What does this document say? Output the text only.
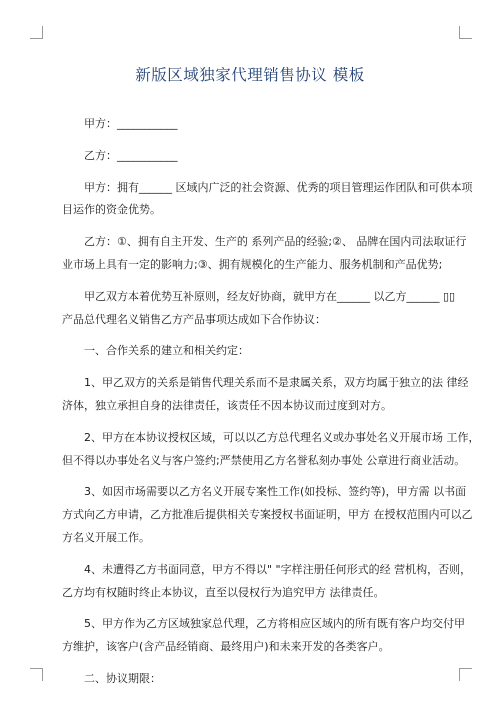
新版区域独家代理销售协议 模板
甲方：___________
乙方：___________
甲方：拥有______ 区域内广泛的社会资源、优秀的项目管理运作团队和可供本项
目运作的资金优势。
乙方：①、拥有自主开发、生产的 系列产品的经验;②、 品牌在国内司法取证行
业市场上具有一定的影响力;③、拥有规模化的生产能力、服务机制和产品优势;
甲乙双方本着优势互补原则，经友好协商，就甲方在______ 以乙方______ ▯▯
产品总代理名义销售乙方产品事项达成如下合作协议：
一、合作关系的建立和相关约定：
1、甲乙双方的关系是销售代理关系而不是隶属关系，双方均属于独立的法 律经
济体，独立承担自身的法律责任，该责任不因本协议而过度到对方。
2、甲方在本协议授权区域，可以以乙方总代理名义或办事处名义开展市场 工作，
但不得以办事处名义与客户签约;严禁使用乙方名誉私刻办事处 公章进行商业活动。
3、如因市场需要以乙方名义开展专案性工作(如投标、签约等)，甲方需 以书面
方式向乙方申请，乙方批准后提供相关专案授权书面证明，甲方 在授权范围内可以乙
方名义开展工作。
4、未遭得乙方书面同意，甲方不得以" "字样注册任何形式的经 营机构，否则，
乙方均有权随时终止本协议，直至以侵权行为追究甲方 法律责任。
5、甲方作为乙方区域独家总代理，乙方将相应区域内的所有既有客户均交付甲
方维护，该客户(含产品经销商、最终用户)和未来开发的各类客户。
二、协议期限：
